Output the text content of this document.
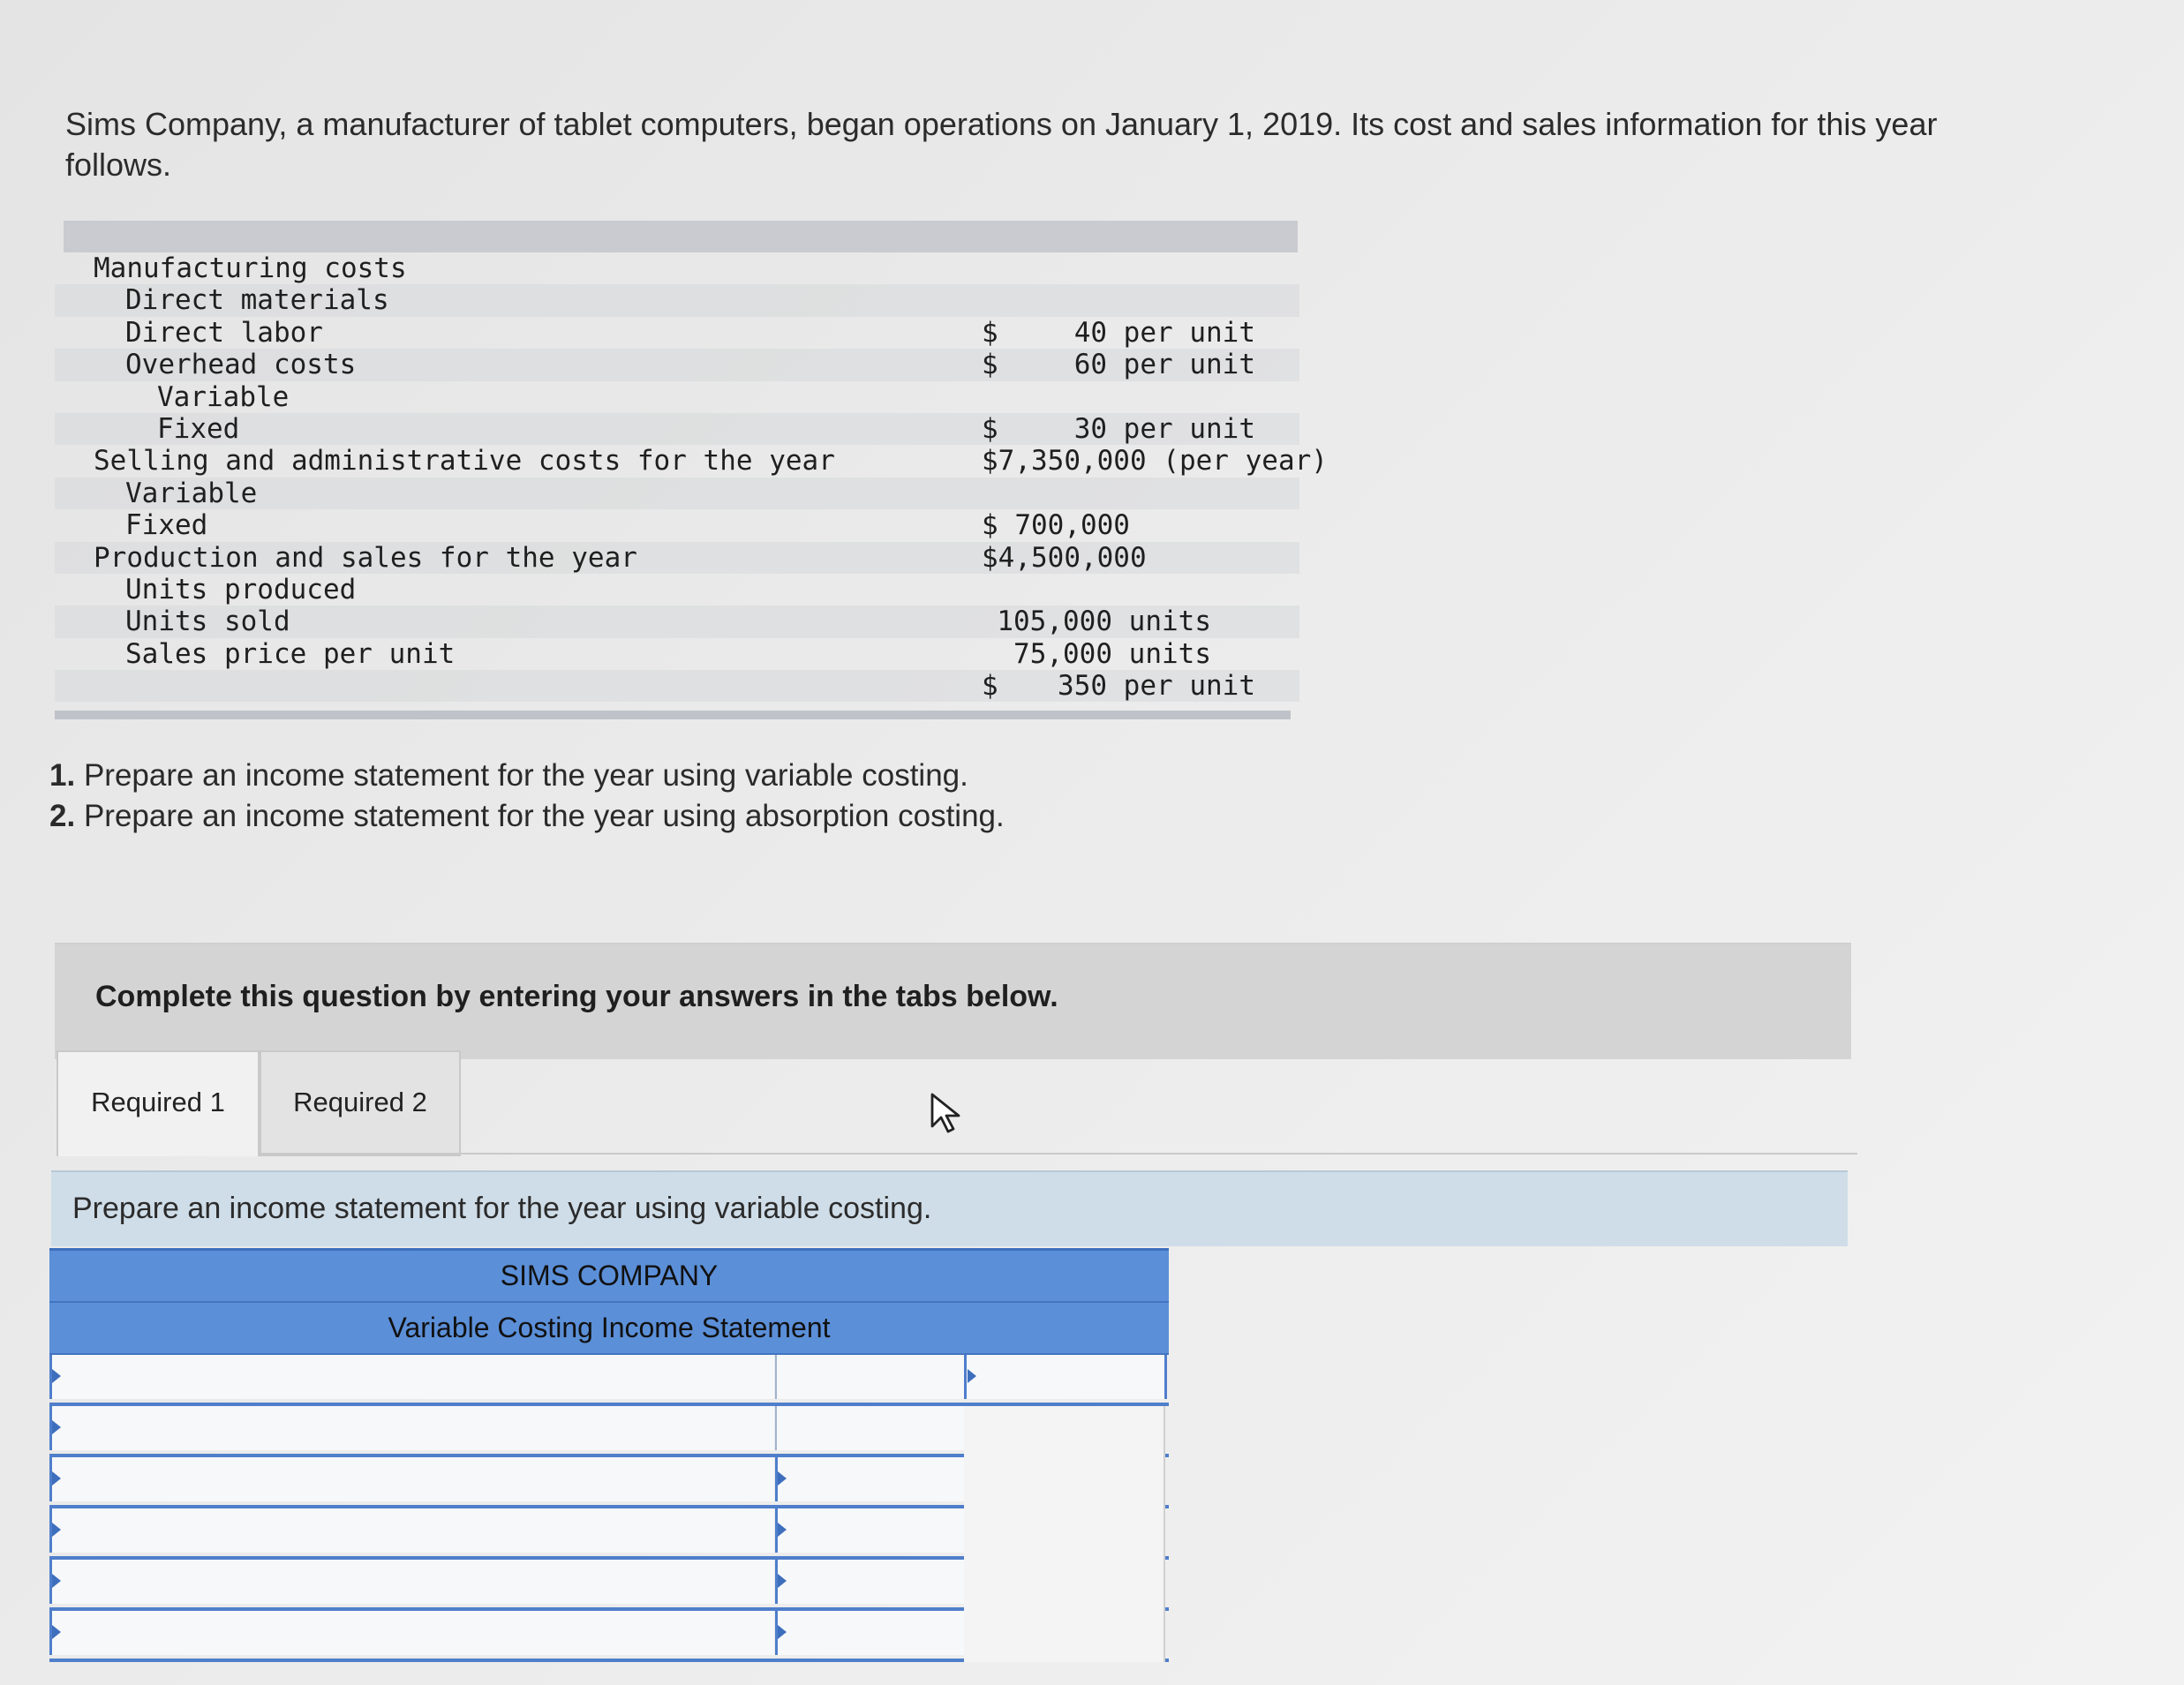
Sims Company, a manufacturer of tablet computers, began operations on January 1, 2019. Its cost and sales information for this year follows.
Manufacturing costs
Direct materials
Direct labor	$	40 per unit
Overhead costs	$	60 per unit
Variable
Fixed	$	30 per unit
Selling and administrative costs for the year	$7,350,000 (per year)
Variable
Fixed	$ 700,000
Production and sales for the year	$4,500,000
Units produced
Units sold	105,000 units
Sales price per unit	75,000 units
$ 350 per unit
1. Prepare an income statement for the year using variable costing.
2. Prepare an income statement for the year using absorption costing.
Complete this question by entering your answers in the tabs below.
Required 1	Required 2
Prepare an income statement for the year using variable costing.
SIMS COMPANY
Variable Costing Income Statement
